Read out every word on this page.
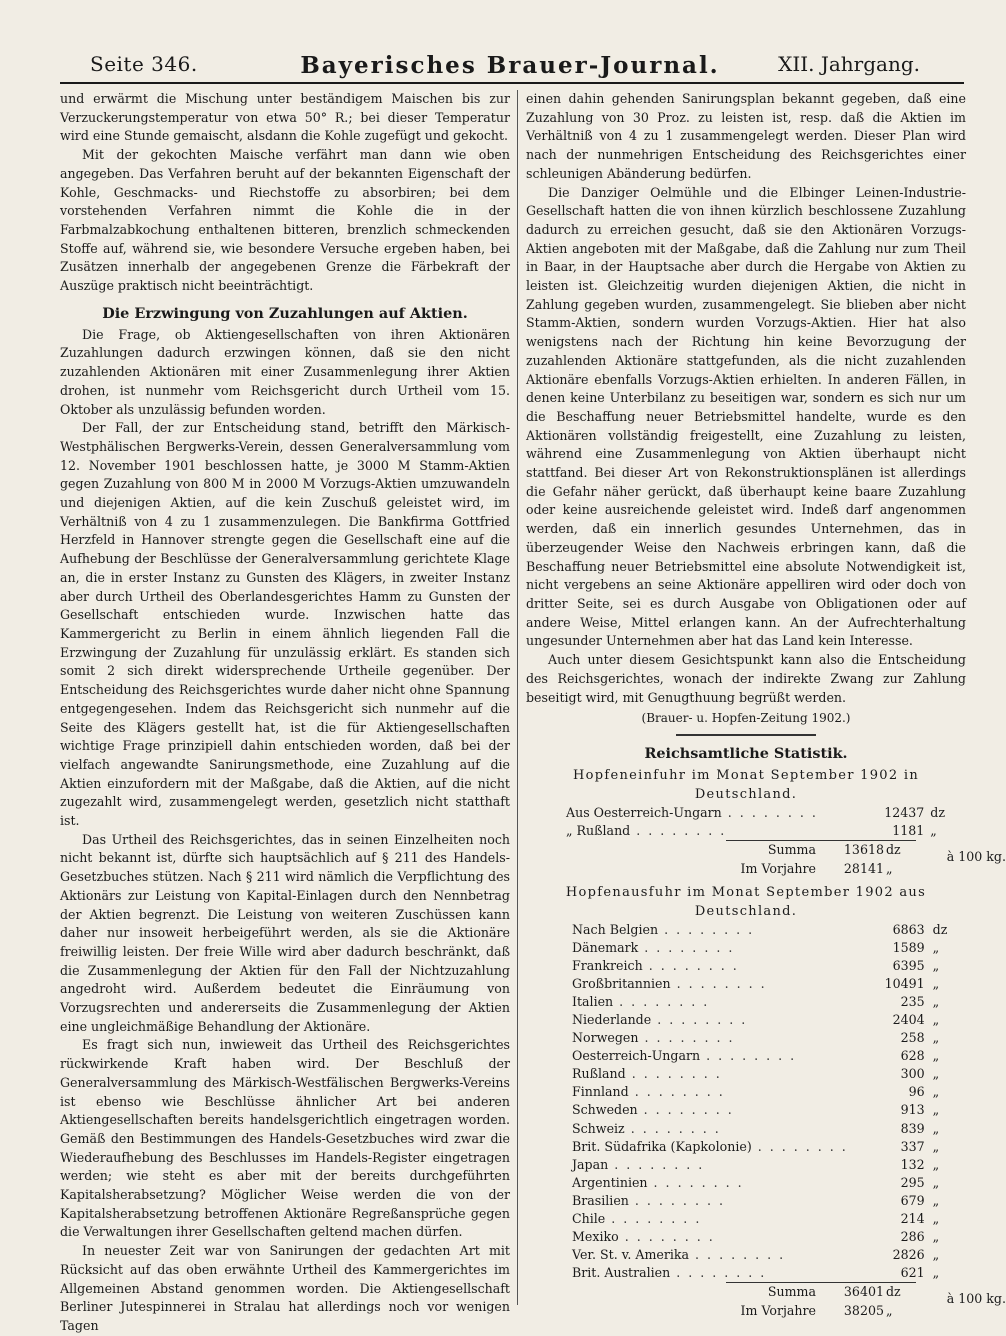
Seite 346.	Bayerisches Brauer-Journal.	XII. Jahrgang.

und erwärmt die Mischung unter beständigem Maischen bis zur Verzuckerungstemperatur von etwa 50° R.; bei dieser Temperatur wird eine Stunde gemaischt, alsdann die Kohle zugefügt und gekocht.

Mit der gekochten Maische verfährt man dann wie oben angegeben. Das Verfahren beruht auf der bekannten Eigenschaft der Kohle, Geschmacks- und Riechstoffe zu absorbiren; bei dem vorstehenden Verfahren nimmt die Kohle die in der Farbmalzabkochung enthaltenen bitteren, brenzlich schmeckenden Stoffe auf, während sie, wie besondere Versuche ergeben haben, bei Zusätzen innerhalb der angegebenen Grenze die Färbekraft der Auszüge praktisch nicht beeinträchtigt.

Die Erzwingung von Zuzahlungen auf Aktien.

Die Frage, ob Aktiengesellschaften von ihren Aktionären Zuzahlungen dadurch erzwingen können, daß sie den nicht zuzahlenden Aktionären mit einer Zusammenlegung ihrer Aktien drohen, ist nunmehr vom Reichsgericht durch Urtheil vom 15. Oktober als unzulässig befunden worden.

Der Fall, der zur Entscheidung stand, betrifft den Märkisch-Westphälischen Bergwerks-Verein, dessen Generalversammlung vom 12. November 1901 beschlossen hatte, je 3000 M Stamm-Aktien gegen Zuzahlung von 800 M in 2000 M Vorzugs-Aktien umzuwandeln und diejenigen Aktien, auf die kein Zuschuß geleistet wird, im Verhältniß von 4 zu 1 zusammenzulegen. Die Bankfirma Gottfried Herzfeld in Hannover strengte gegen die Gesellschaft eine auf die Aufhebung der Beschlüsse der Generalversammlung gerichtete Klage an, die in erster Instanz zu Gunsten des Klägers, in zweiter Instanz aber durch Urtheil des Oberlandesgerichtes Hamm zu Gunsten der Gesellschaft entschieden wurde. Inzwischen hatte das Kammergericht zu Berlin in einem ähnlich liegenden Fall die Erzwingung der Zuzahlung für unzulässig erklärt. Es standen sich somit 2 sich direkt widersprechende Urtheile gegenüber. Der Entscheidung des Reichsgerichtes wurde daher nicht ohne Spannung entgegengesehen. Indem das Reichsgericht sich nunmehr auf die Seite des Klägers gestellt hat, ist die für Aktiengesellschaften wichtige Frage prinzipiell dahin entschieden worden, daß bei der vielfach angewandte Sanirungsmethode, eine Zuzahlung auf die Aktien einzufordern mit der Maßgabe, daß die Aktien, auf die nicht zugezahlt wird, zusammengelegt werden, gesetzlich nicht statthaft ist.

Das Urtheil des Reichsgerichtes, das in seinen Einzelheiten noch nicht bekannt ist, dürfte sich hauptsächlich auf § 211 des Handels-Gesetzbuches stützen. Nach § 211 wird nämlich die Verpflichtung des Aktionärs zur Leistung von Kapital-Einlagen durch den Nennbetrag der Aktien begrenzt. Die Leistung von weiteren Zuschüssen kann daher nur insoweit herbeigeführt werden, als sie die Aktionäre freiwillig leisten. Der freie Wille wird aber dadurch beschränkt, daß die Zusammenlegung der Aktien für den Fall der Nichtzuzahlung angedroht wird. Außerdem bedeutet die Einräumung von Vorzugsrechten und andererseits die Zusammenlegung der Aktien eine ungleichmäßige Behandlung der Aktionäre.

Es fragt sich nun, inwieweit das Urtheil des Reichsgerichtes rückwirkende Kraft haben wird. Der Beschluß der Generalversammlung des Märkisch-Westfälischen Bergwerks-Vereins ist ebenso wie Beschlüsse ähnlicher Art bei anderen Aktiengesellschaften bereits handelsgerichtlich eingetragen worden. Gemäß den Bestimmungen des Handels-Gesetzbuches wird zwar die Wiederaufhebung des Beschlusses im Handels-Register eingetragen werden; wie steht es aber mit der bereits durchgeführten Kapitalsherabsetzung? Möglicher Weise werden die von der Kapitalsherabsetzung betroffenen Aktionäre Regreßansprüche gegen die Verwaltungen ihrer Gesellschaften geltend machen dürfen.

In neuester Zeit war von Sanirungen der gedachten Art mit Rücksicht auf das oben erwähnte Urtheil des Kammergerichtes im Allgemeinen Abstand genommen worden. Die Aktiengesellschaft Berliner Jutespinnerei in Stralau hat allerdings noch vor wenigen Tagen

einen dahin gehenden Sanirungsplan bekannt gegeben, daß eine Zuzahlung von 30 Proz. zu leisten ist, resp. daß die Aktien im Verhältniß von 4 zu 1 zusammengelegt werden. Dieser Plan wird nach der nunmehrigen Entscheidung des Reichsgerichtes einer schleunigen Abänderung bedürfen.

Die Danziger Oelmühle und die Elbinger Leinen-Industrie-Gesellschaft hatten die von ihnen kürzlich beschlossene Zuzahlung dadurch zu erreichen gesucht, daß sie den Aktionären Vorzugs-Aktien angeboten mit der Maßgabe, daß die Zahlung nur zum Theil in Baar, in der Hauptsache aber durch die Hergabe von Aktien zu leisten ist. Gleichzeitig wurden diejenigen Aktien, die nicht in Zahlung gegeben wurden, zusammengelegt. Sie blieben aber nicht Stamm-Aktien, sondern wurden Vorzugs-Aktien. Hier hat also wenigstens nach der Richtung hin keine Bevorzugung der zuzahlenden Aktionäre stattgefunden, als die nicht zuzahlenden Aktionäre ebenfalls Vorzugs-Aktien erhielten. In anderen Fällen, in denen keine Unterbilanz zu beseitigen war, sondern es sich nur um die Beschaffung neuer Betriebsmittel handelte, wurde es den Aktionären vollständig freigestellt, eine Zuzahlung zu leisten, während eine Zusammenlegung von Aktien überhaupt nicht stattfand. Bei dieser Art von Rekonstruktionsplänen ist allerdings die Gefahr näher gerückt, daß überhaupt keine baare Zuzahlung oder keine ausreichende geleistet wird. Indeß darf angenommen werden, daß ein innerlich gesundes Unternehmen, das in überzeugender Weise den Nachweis erbringen kann, daß die Beschaffung neuer Betriebsmittel eine absolute Notwendigkeit ist, nicht vergebens an seine Aktionäre appelliren wird oder doch von dritter Seite, sei es durch Ausgabe von Obligationen oder auf andere Weise, Mittel erlangen kann. An der Aufrechterhaltung ungesunder Unternehmen aber hat das Land kein Interesse.

Auch unter diesem Gesichtspunkt kann also die Entscheidung des Reichsgerichtes, wonach der indirekte Zwang zur Zahlung beseitigt wird, mit Genugthuung begrüßt werden.

(Brauer- u. Hopfen-Zeitung 1902.)
Reichsamtliche Statistik.
Hopfeneinfuhr im Monat September 1902 in Deutschland.
Aus Oesterreich-Ungarn . . . . . . . .	12437	dz
„ Rußland . . . . . . . .	1181	„
Summa 13618 dz
Im Vorjahre 28141 „
à 100 kg.
Hopfenausfuhr im Monat September 1902 aus Deutschland.
Nach Belgien . . . . . . . .	6863	dz
Dänemark . . . . . . . .	1589	„
Frankreich . . . . . . . .	6395	„
Großbritannien . . . . . . . .	10491	„
Italien . . . . . . . .	235	„
Niederlande . . . . . . . .	2404	„
Norwegen . . . . . . . .	258	„
Oesterreich-Ungarn . . . . . . . .	628	„
Rußland . . . . . . . .	300	„
Finnland . . . . . . . .	96	„
Schweden . . . . . . . .	913	„
Schweiz . . . . . . . .	839	„
Brit. Südafrika (Kapkolonie) . . . . . . . .	337	„
Japan . . . . . . . .	132	„
Argentinien . . . . . . . .	295	„
Brasilien . . . . . . . .	679	„
Chile . . . . . . . .	214	„
Mexiko . . . . . . . .	286	„
Ver. St. v. Amerika . . . . . . . .	2826	„
Brit. Australien . . . . . . . .	621	„
Summa 36401 dz
Im Vorjahre 38205 „
à 100 kg.
